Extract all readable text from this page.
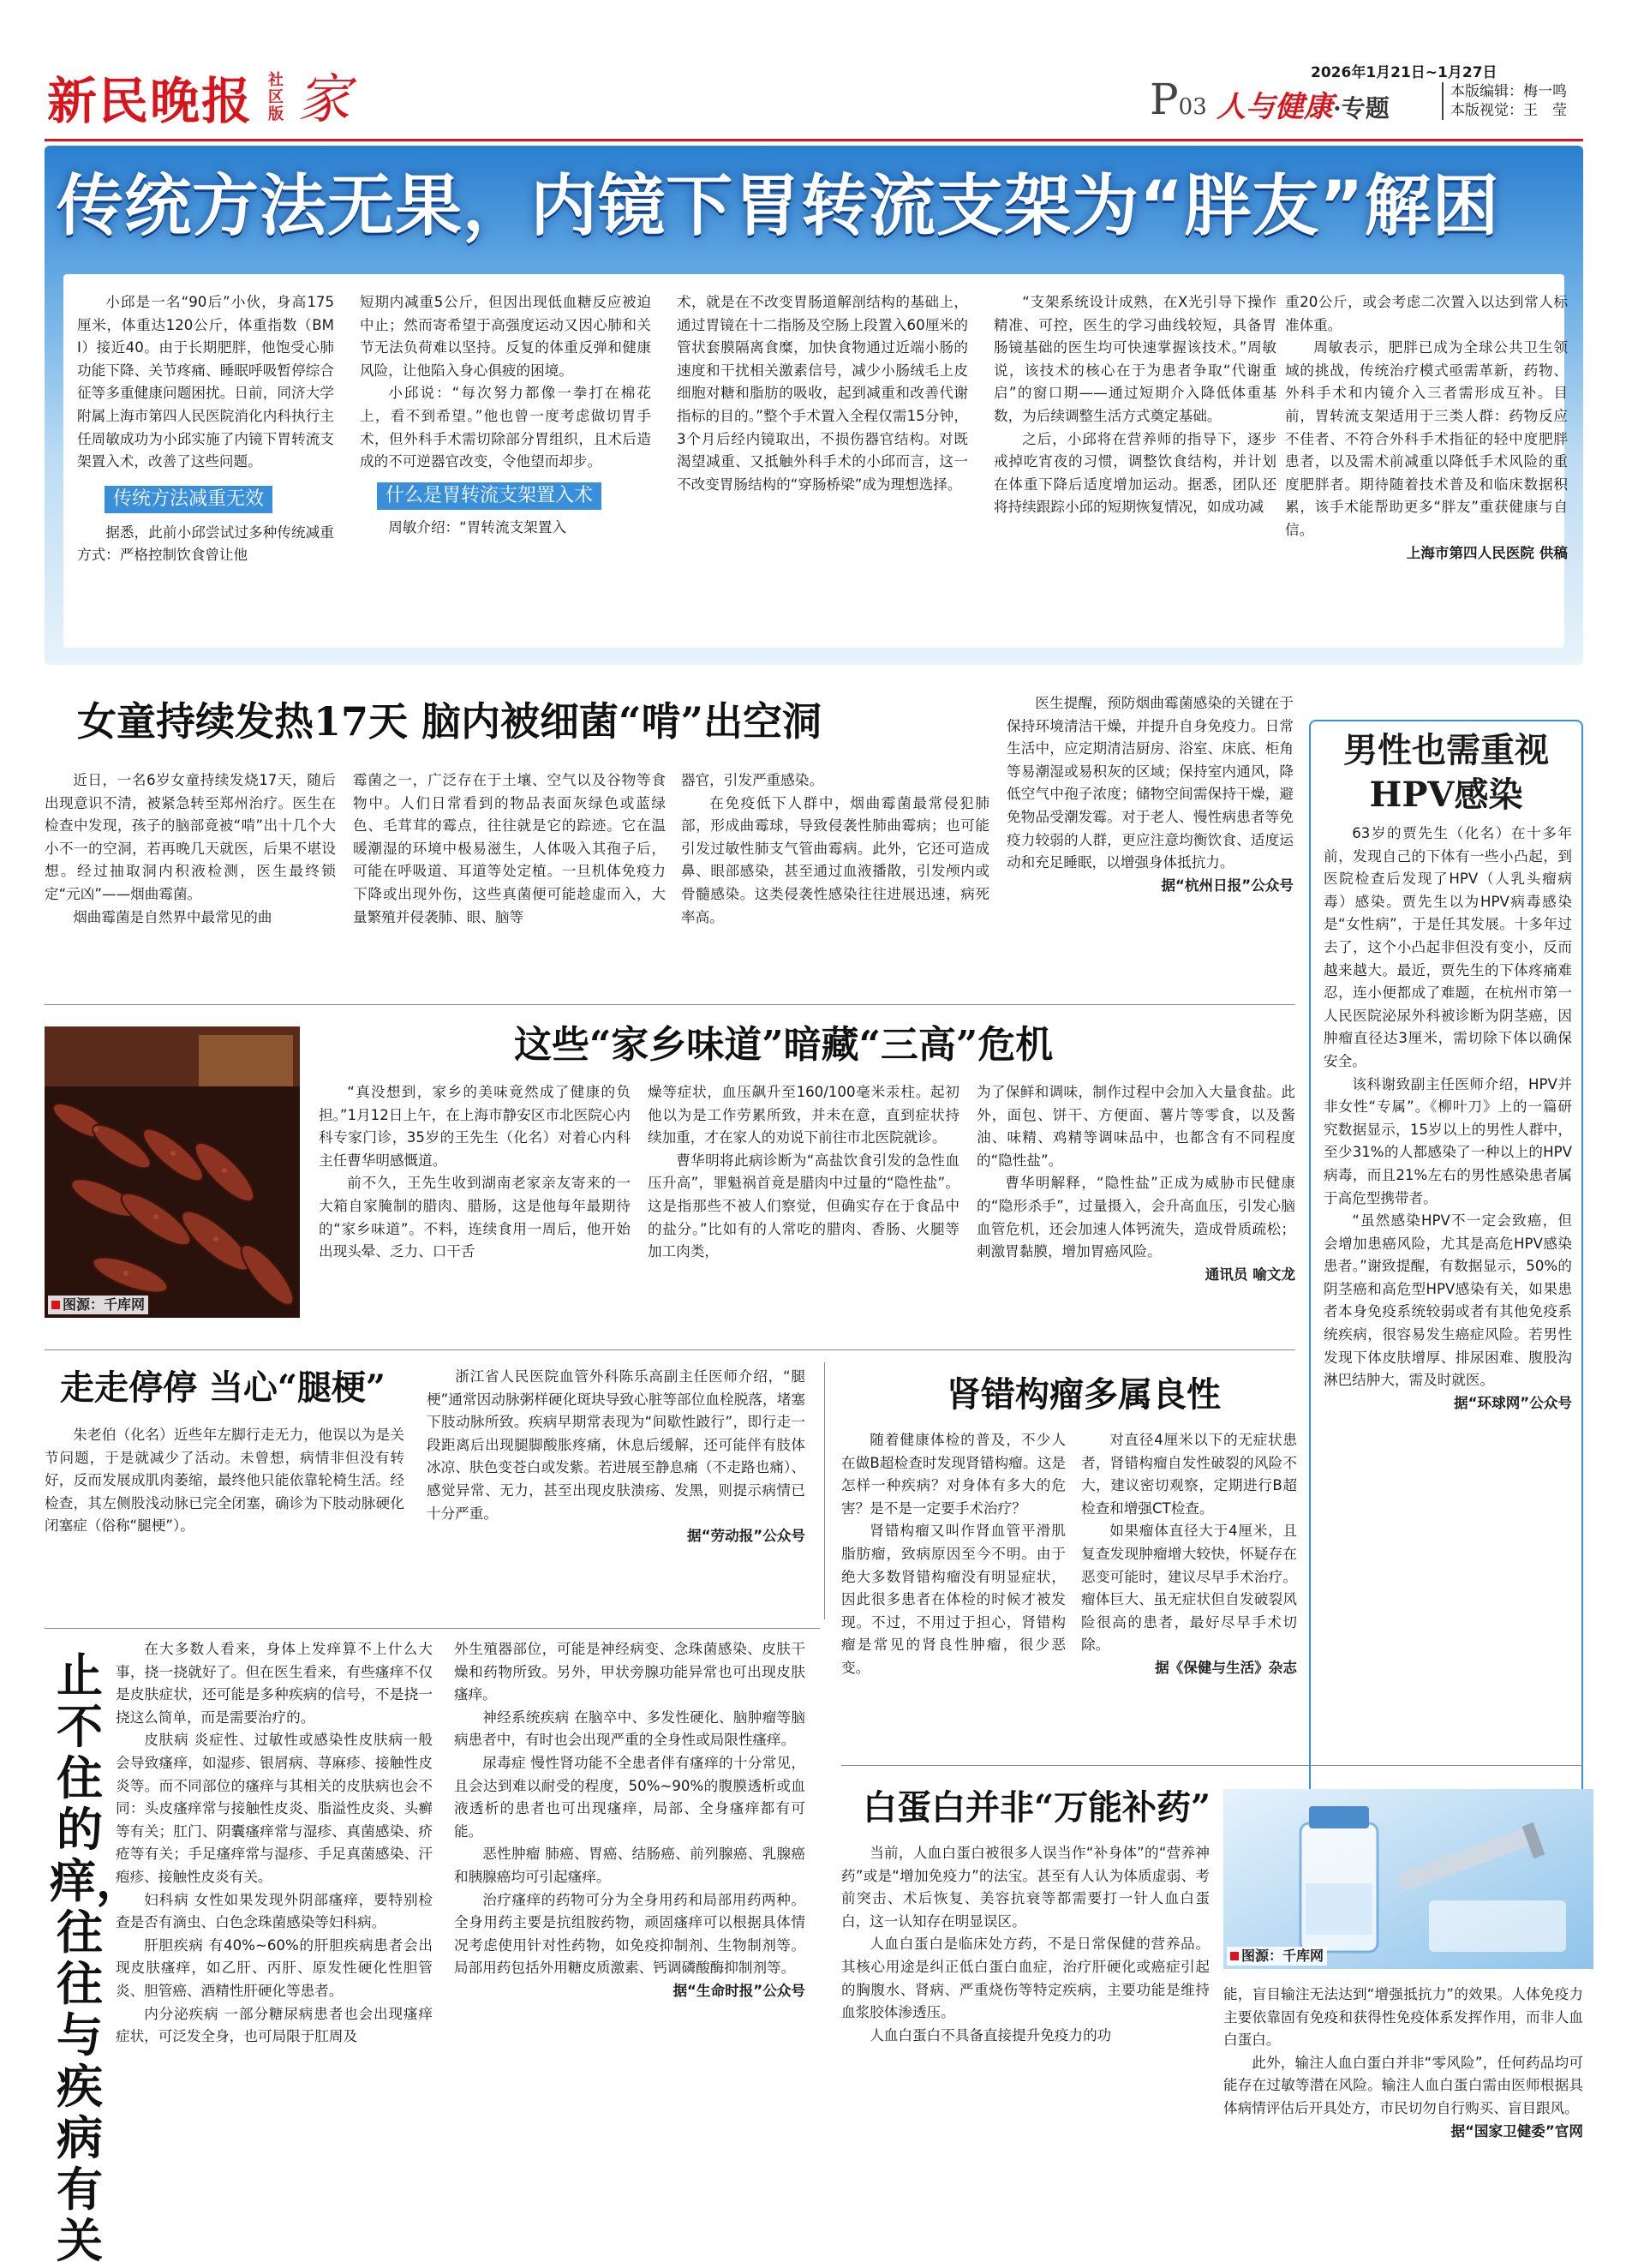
新民晚报 社区版 家	P03 人与健康·专题
2026年1月21日~1月27日
本版编辑：梅一鸣
本版视觉：王　莹
传统方法无果，内镜下胃转流支架为“胖友”解困

小邱是一名“90后”小伙，身高175厘米，体重达120公斤，体重指数（BMI）接近40。由于长期肥胖，他饱受心肺功能下降、关节疼痛、睡眠呼吸暂停综合征等多重健康问题困扰。日前，同济大学附属上海市第四人民医院消化内科执行主任周敏成功为小邱实施了内镜下胃转流支架置入术，改善了这些问题。

传统方法减重无效

据悉，此前小邱尝试过多种传统减重方式：严格控制饮食曾让他

短期内减重5公斤，但因出现低血糖反应被迫中止；然而寄希望于高强度运动又因心肺和关节无法负荷难以坚持。反复的体重反弹和健康风险，让他陷入身心俱疲的困境。

小邱说：“每次努力都像一拳打在棉花上，看不到希望。”他也曾一度考虑做切胃手术，但外科手术需切除部分胃组织，且术后造成的不可逆器官改变，令他望而却步。

什么是胃转流支架置入术

周敏介绍：“胃转流支架置入

术，就是在不改变胃肠道解剖结构的基础上，通过胃镜在十二指肠及空肠上段置入60厘米的管状套膜隔离食糜，加快食物通过近端小肠的速度和干扰相关激素信号，减少小肠绒毛上皮细胞对糖和脂肪的吸收，起到减重和改善代谢指标的目的。”整个手术置入全程仅需15分钟，3个月后经内镜取出，不损伤器官结构。对既渴望减重、又抵触外科手术的小邱而言，这一不改变胃肠结构的“穿肠桥梁”成为理想选择。

“支架系统设计成熟，在X光引导下操作精准、可控，医生的学习曲线较短，具备胃肠镜基础的医生均可快速掌握该技术。”周敏说，该技术的核心在于为患者争取“代谢重启”的窗口期——通过短期介入降低体重基数，为后续调整生活方式奠定基础。

之后，小邱将在营养师的指导下，逐步戒掉吃宵夜的习惯，调整饮食结构，并计划在体重下降后适度增加运动。据悉，团队还将持续跟踪小邱的短期恢复情况，如成功减

重20公斤，或会考虑二次置入以达到常人标准体重。

周敏表示，肥胖已成为全球公共卫生领域的挑战，传统治疗模式亟需革新，药物、外科手术和内镜介入三者需形成互补。目前，胃转流支架适用于三类人群：药物反应不佳者、不符合外科手术指征的轻中度肥胖患者，以及需术前减重以降低手术风险的重度肥胖者。期待随着技术普及和临床数据积累，该手术能帮助更多“胖友”重获健康与自信。

上海市第四人民医院 供稿
女童持续发热17天 脑内被细菌“啃”出空洞

近日，一名6岁女童持续发烧17天，随后出现意识不清，被紧急转至郑州治疗。医生在检查中发现，孩子的脑部竟被“啃”出十几个大小不一的空洞，若再晚几天就医，后果不堪设想。经过抽取洞内积液检测，医生最终锁定“元凶”——烟曲霉菌。

烟曲霉菌是自然界中最常见的曲

霉菌之一，广泛存在于土壤、空气以及谷物等食物中。人们日常看到的物品表面灰绿色或蓝绿色、毛茸茸的霉点，往往就是它的踪迹。它在温暖潮湿的环境中极易滋生，人体吸入其孢子后，可能在呼吸道、耳道等处定植。一旦机体免疫力下降或出现外伤，这些真菌便可能趁虚而入，大量繁殖并侵袭肺、眼、脑等

器官，引发严重感染。

在免疫低下人群中，烟曲霉菌最常侵犯肺部，形成曲霉球，导致侵袭性肺曲霉病；也可能引发过敏性肺支气管曲霉病。此外，它还可造成鼻、眼部感染，甚至通过血液播散，引发颅内或骨髓感染。这类侵袭性感染往往进展迅速，病死率高。

医生提醒，预防烟曲霉菌感染的关键在于保持环境清洁干燥，并提升自身免疫力。日常生活中，应定期清洁厨房、浴室、床底、柜角等易潮湿或易积灰的区域；保持室内通风，降低空气中孢子浓度；储物空间需保持干燥，避免物品受潮发霉。对于老人、慢性病患者等免疫力较弱的人群，更应注意均衡饮食、适度运动和充足睡眠，以增强身体抵抗力。

据“杭州日报”公众号
男性也需重视HPV感染

63岁的贾先生（化名）在十多年前，发现自己的下体有一些小凸起，到医院检查后发现了HPV（人乳头瘤病毒）感染。贾先生以为HPV病毒感染是“女性病”，于是任其发展。十多年过去了，这个小凸起非但没有变小，反而越来越大。最近，贾先生的下体疼痛难忍，连小便都成了难题，在杭州市第一人民医院泌尿外科被诊断为阴茎癌，因肿瘤直径达3厘米，需切除下体以确保安全。

该科谢致副主任医师介绍，HPV并非女性“专属”。《柳叶刀》上的一篇研究数据显示，15岁以上的男性人群中，至少31%的人都感染了一种以上的HPV病毒，而且21%左右的男性感染患者属于高危型携带者。

“虽然感染HPV不一定会致癌，但会增加患癌风险，尤其是高危HPV感染患者。”谢致提醒，有数据显示，50%的阴茎癌和高危型HPV感染有关，如果患者本身免疫系统较弱或者有其他免疫系统疾病，很容易发生癌症风险。若男性发现下体皮肤增厚、排尿困难、腹股沟淋巴结肿大，需及时就医。

据“环球网”公众号
图源：千库网
这些“家乡味道”暗藏“三高”危机

“真没想到，家乡的美味竟然成了健康的负担。”1月12日上午，在上海市静安区市北医院心内科专家门诊，35岁的王先生（化名）对着心内科主任曹华明感慨道。

前不久，王先生收到湖南老家亲友寄来的一大箱自家腌制的腊肉、腊肠，这是他每年最期待的“家乡味道”。不料，连续食用一周后，他开始出现头晕、乏力、口干舌

燥等症状，血压飙升至160/100毫米汞柱。起初他以为是工作劳累所致，并未在意，直到症状持续加重，才在家人的劝说下前往市北医院就诊。

曹华明将此病诊断为“高盐饮食引发的急性血压升高”，罪魁祸首竟是腊肉中过量的“隐性盐”。这是指那些不被人们察觉，但确实存在于食品中的盐分。”比如有的人常吃的腊肉、香肠、火腿等加工肉类，

为了保鲜和调味，制作过程中会加入大量食盐。此外，面包、饼干、方便面、薯片等零食，以及酱油、味精、鸡精等调味品中，也都含有不同程度的“隐性盐”。

曹华明解释，“隐性盐”正成为威胁市民健康的“隐形杀手”，过量摄入，会升高血压，引发心脑血管危机，还会加速人体钙流失，造成骨质疏松；刺激胃黏膜，增加胃癌风险。

通讯员 喻文龙
走走停停 当心“腿梗”

朱老伯（化名）近些年左脚行走无力，他误以为是关节问题，于是就减少了活动。未曾想，病情非但没有转好，反而发展成肌肉萎缩，最终他只能依靠轮椅生活。经检查，其左侧股浅动脉已完全闭塞，确诊为下肢动脉硬化闭塞症（俗称“腿梗”）。

浙江省人民医院血管外科陈乐高副主任医师介绍，“腿梗”通常因动脉粥样硬化斑块导致心脏等部位血栓脱落，堵塞下肢动脉所致。疾病早期常表现为“间歇性跛行”，即行走一段距离后出现腿脚酸胀疼痛，休息后缓解，还可能伴有肢体冰凉、肤色变苍白或发紫。若进展至静息痛（不走路也痛）、感觉异常、无力，甚至出现皮肤溃疡、发黑，则提示病情已十分严重。

据“劳动报”公众号
肾错构瘤多属良性

随着健康体检的普及，不少人在做B超检查时发现肾错构瘤。这是怎样一种疾病？对身体有多大的危害？是不是一定要手术治疗？

肾错构瘤又叫作肾血管平滑肌脂肪瘤，致病原因至今不明。由于绝大多数肾错构瘤没有明显症状，因此很多患者在体检的时候才被发现。不过，不用过于担心，肾错构瘤是常见的肾良性肿瘤，很少恶变。

对直径4厘米以下的无症状患者，肾错构瘤自发性破裂的风险不大，建议密切观察，定期进行B超检查和增强CT检查。

如果瘤体直径大于4厘米，且复查发现肿瘤增大较快，怀疑存在恶变可能时，建议尽早手术治疗。瘤体巨大、虽无症状但自发破裂风险很高的患者，最好尽早手术切除。

据《保健与生活》杂志
止不住的痒，往往与疾病有关

在大多数人看来，身体上发痒算不上什么大事，挠一挠就好了。但在医生看来，有些瘙痒不仅是皮肤症状，还可能是多种疾病的信号，不是挠一挠这么简单，而是需要治疗的。

皮肤病 炎症性、过敏性或感染性皮肤病一般会导致瘙痒，如湿疹、银屑病、荨麻疹、接触性皮炎等。而不同部位的瘙痒与其相关的皮肤病也会不同：头皮瘙痒常与接触性皮炎、脂溢性皮炎、头癣等有关；肛门、阴囊瘙痒常与湿疹、真菌感染、疥疮等有关；手足瘙痒常与湿疹、手足真菌感染、汗疱疹、接触性皮炎有关。

妇科病 女性如果发现外阴部瘙痒，要特别检查是否有滴虫、白色念珠菌感染等妇科病。

肝胆疾病 有40%~60%的肝胆疾病患者会出现皮肤瘙痒，如乙肝、丙肝、原发性硬化性胆管炎、胆管癌、酒精性肝硬化等患者。

内分泌疾病 一部分糖尿病患者也会出现瘙痒症状，可泛发全身，也可局限于肛周及

外生殖器部位，可能是神经病变、念珠菌感染、皮肤干燥和药物所致。另外，甲状旁腺功能异常也可出现皮肤瘙痒。

神经系统疾病 在脑卒中、多发性硬化、脑肿瘤等脑病患者中，有时也会出现严重的全身性或局限性瘙痒。

尿毒症 慢性肾功能不全患者伴有瘙痒的十分常见，且会达到难以耐受的程度，50%~90%的腹膜透析或血液透析的患者也可出现瘙痒，局部、全身瘙痒都有可能。

恶性肿瘤 肺癌、胃癌、结肠癌、前列腺癌、乳腺癌和胰腺癌均可引起瘙痒。

治疗瘙痒的药物可分为全身用药和局部用药两种。全身用药主要是抗组胺药物，顽固瘙痒可以根据具体情况考虑使用针对性药物，如免疫抑制剂、生物制剂等。局部用药包括外用糖皮质激素、钙调磷酸酶抑制剂等。

据“生命时报”公众号
白蛋白并非“万能补药”
图源：千库网

当前，人血白蛋白被很多人误当作“补身体”的“营养神药”或是“增加免疫力”的法宝。甚至有人认为体质虚弱、考前突击、术后恢复、美容抗衰等都需要打一针人血白蛋白，这一认知存在明显误区。

人血白蛋白是临床处方药，不是日常保健的营养品。其核心用途是纠正低白蛋白血症，治疗肝硬化或癌症引起的胸腹水、肾病、严重烧伤等特定疾病，主要功能是维持血浆胶体渗透压。

人血白蛋白不具备直接提升免疫力的功

能，盲目输注无法达到“增强抵抗力”的效果。人体免疫力主要依靠固有免疫和获得性免疫体系发挥作用，而非人血白蛋白。

此外，输注人血白蛋白并非“零风险”，任何药品均可能存在过敏等潜在风险。输注人血白蛋白需由医师根据具体病情评估后开具处方，市民切勿自行购买、盲目跟风。

据“国家卫健委”官网
